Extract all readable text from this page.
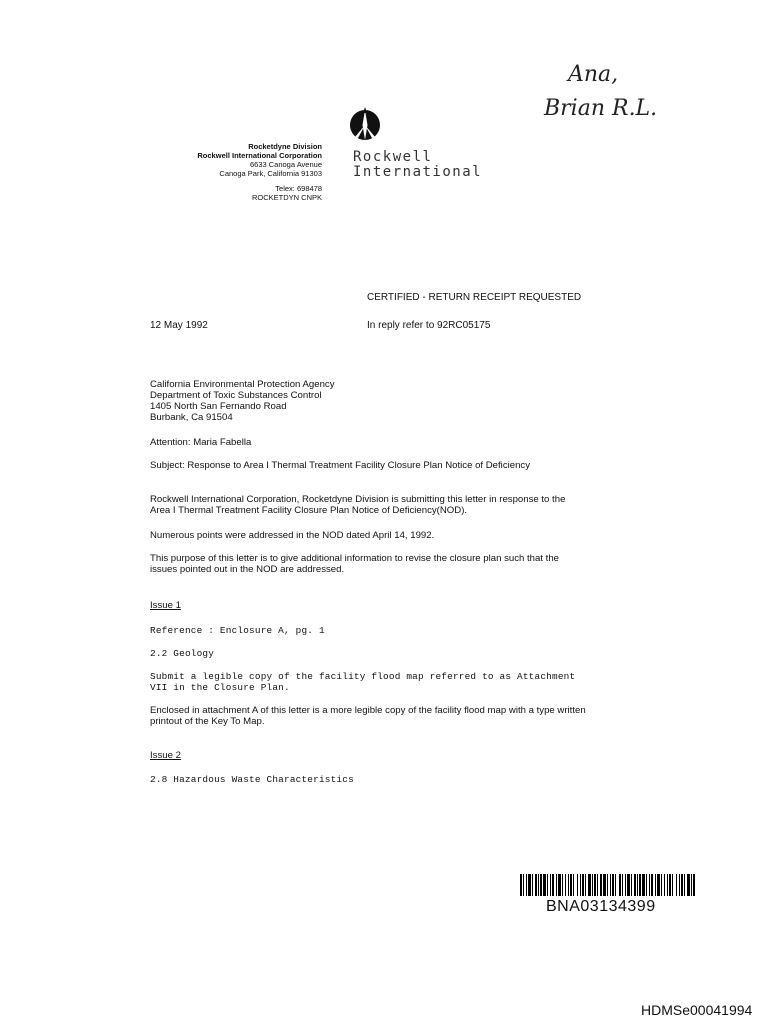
Ana,
Brian R.L.
Rocketdyne Division
Rockwell International Corporation
6633 Canoga Avenue
Canoga Park, California 91303
Telex: 698478
ROCKETDYN CNPK
Rockwell
International
CERTIFIED - RETURN RECEIPT REQUESTED
12 May 1992	In reply refer to 92RC05175
California Environmental Protection Agency
Department of Toxic Substances Control
1405 North San Fernando Road
Burbank, Ca 91504
Attention: Maria Fabella
Subject: Response to Area I Thermal Treatment Facility Closure Plan Notice of Deficiency
Rockwell International Corporation, Rocketdyne Division is submitting this letter in response to the
Area I Thermal Treatment Facility Closure Plan Notice of Deficiency(NOD).
Numerous points were addressed in the NOD dated April 14, 1992.
This purpose of this letter is to give additional information to revise the closure plan such that the
issues pointed out in the NOD are addressed.
Issue 1
Reference : Enclosure A, pg. 1
2.2 Geology
Submit a legible copy of the facility flood map referred to as Attachment
VII in the Closure Plan.
Enclosed in attachment A of this letter is a more legible copy of the facility flood map with a type written
printout of the Key To Map.
Issue 2
2.8 Hazardous Waste Characteristics
BNA03134399
HDMSe00041994
